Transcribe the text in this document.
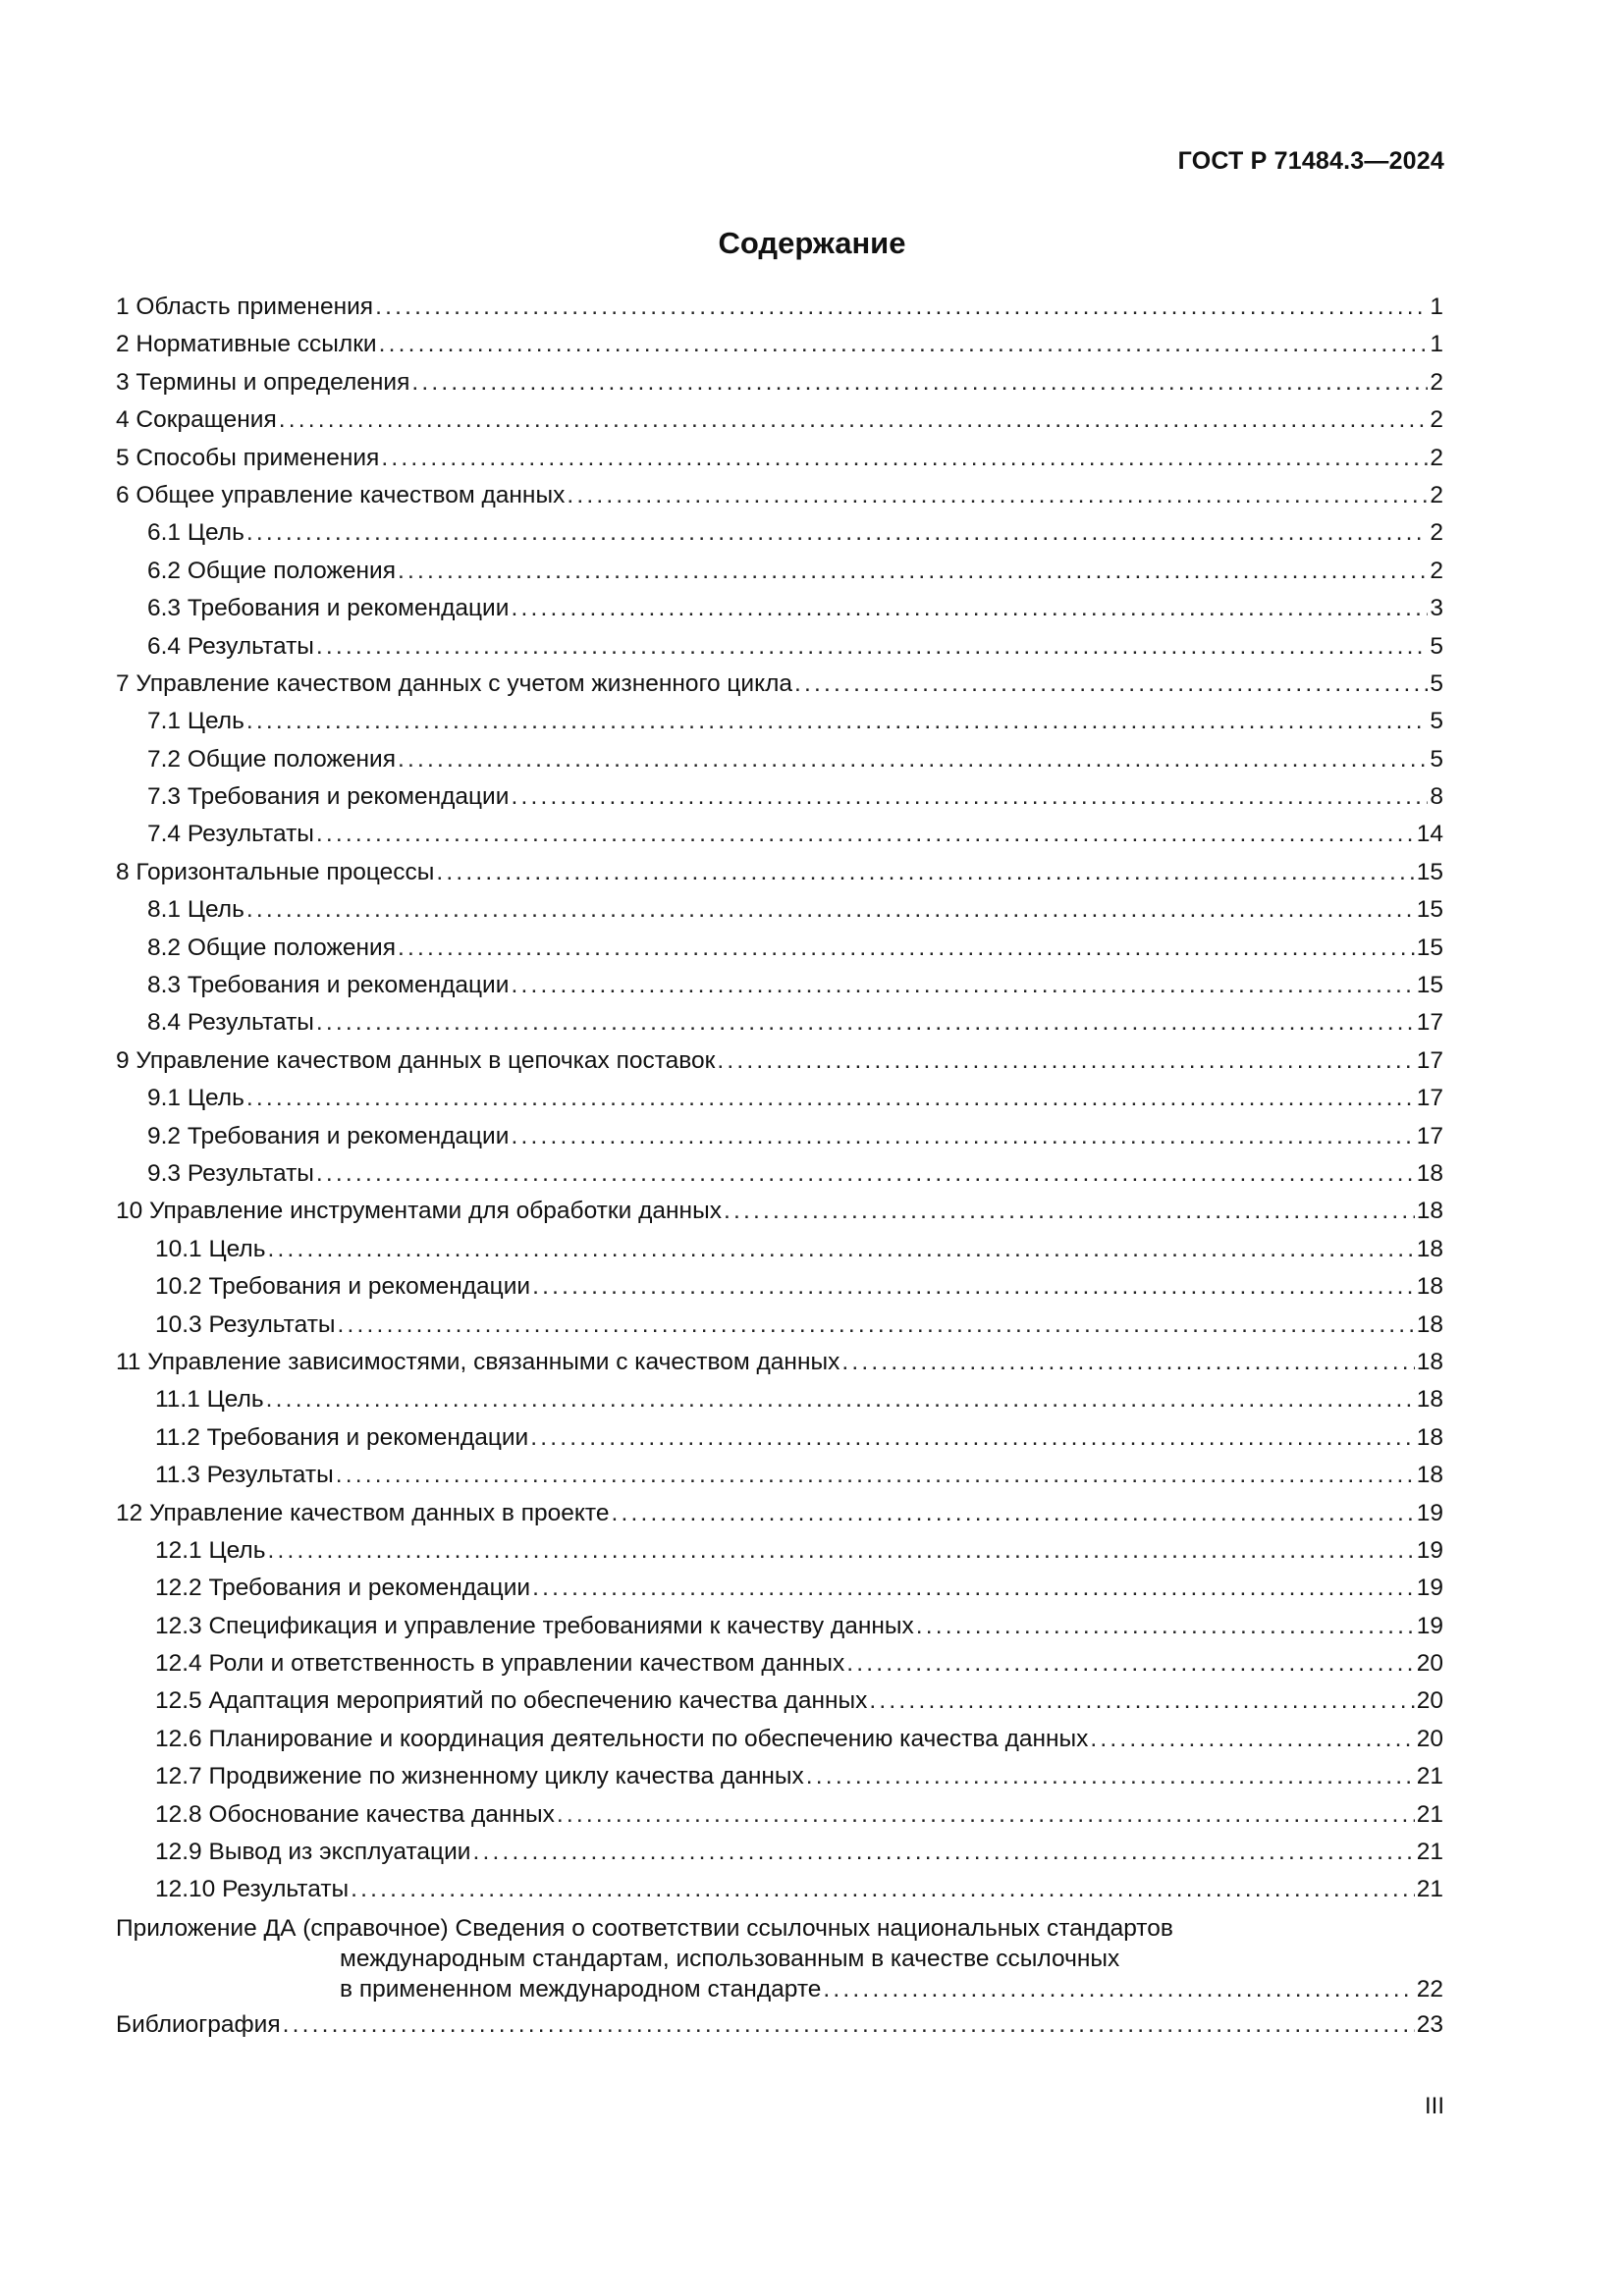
ГОСТ Р 71484.3—2024
Содержание
1 Область применения .....	1
2 Нормативные ссылки .....	1
3 Термины и определения .....	2
4 Сокращения .....	2
5 Способы применения .....	2
6 Общее управление качеством данных .....	2
6.1 Цель .....	2
6.2 Общие положения .....	2
6.3 Требования и рекомендации .....	3
6.4 Результаты .....	5
7 Управление качеством данных с учетом жизненного цикла .....	5
7.1 Цель .....	5
7.2 Общие положения .....	5
7.3 Требования и рекомендации .....	8
7.4 Результаты .....	14
8 Горизонтальные процессы .....	15
8.1 Цель .....	15
8.2 Общие положения .....	15
8.3 Требования и рекомендации .....	15
8.4 Результаты .....	17
9 Управление качеством данных в цепочках поставок .....	17
9.1 Цель .....	17
9.2 Требования и рекомендации .....	17
9.3 Результаты .....	18
10 Управление инструментами для обработки данных .....	18
10.1 Цель .....	18
10.2 Требования и рекомендации .....	18
10.3 Результаты .....	18
11 Управление зависимостями, связанными с качеством данных .....	18
11.1 Цель .....	18
11.2 Требования и рекомендации .....	18
11.3 Результаты .....	18
12 Управление качеством данных в проекте .....	19
12.1 Цель .....	19
12.2 Требования и рекомендации .....	19
12.3 Спецификация и управление требованиями к качеству данных .....	19
12.4 Роли и ответственность в управлении качеством данных .....	20
12.5 Адаптация мероприятий по обеспечению качества данных .....	20
12.6 Планирование и координация деятельности по обеспечению качества данных .....	20
12.7 Продвижение по жизненному циклу качества данных .....	21
12.8 Обоснование качества данных .....	21
12.9 Вывод из эксплуатации .....	21
12.10 Результаты .....	21
Приложение ДА (справочное) Сведения о соответствии ссылочных национальных стандартов
международным стандартам, использованным в качестве ссылочных
в примененном международном стандарте .....	22
Библиография .....	23
III
